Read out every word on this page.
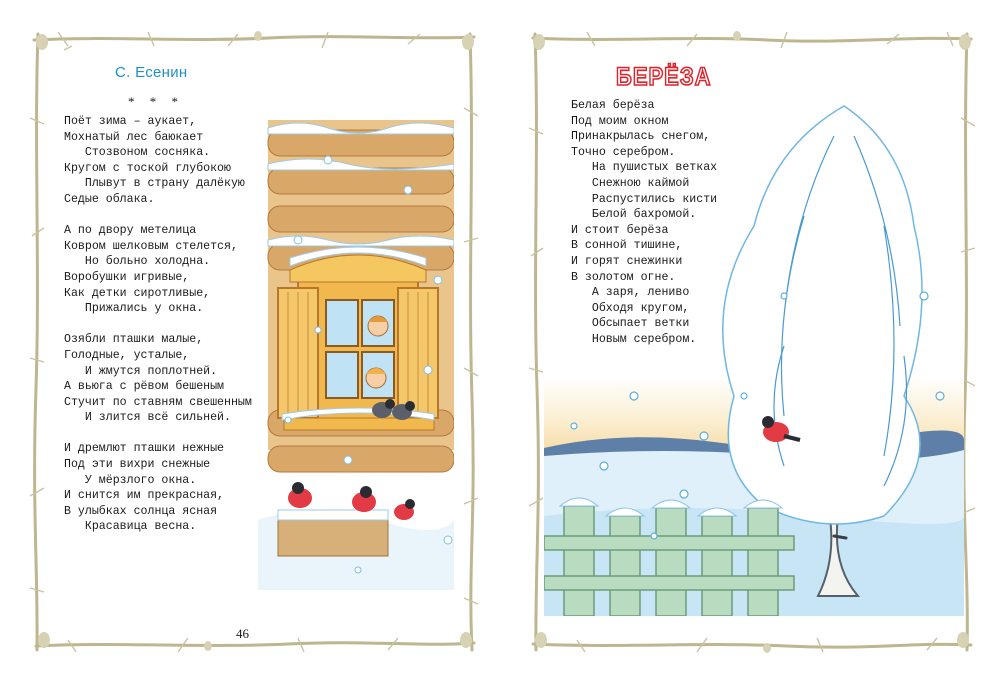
С. Есенин
* * *
Поёт зима – аукает,
Мохнатый лес баюкает
Стозвоном сосняка.
Кругом с тоской глубокою
Плывут в страну далёкую
Седые облака.
А по двору метелица
Ковром шелковым стелется,
Но больно холодна.
Воробушки игривые,
Как детки сиротливые,
Прижались у окна.
Озябли пташки малые,
Голодные, усталые,
И жмутся поплотней.
А вьюга с рёвом бешеным
Стучит по ставням свешенным
И злится всё сильней.
И дремлют пташки нежные
Под эти вихри снежные
У мёрзлого окна.
И снится им прекрасная,
В улыбках солнца ясная
Красавица весна.
46
БЕРЁЗА
Белая берёза
Под моим окном
Принакрылась снегом,
Точно серебром.
На пушистых ветках
Снежною каймой
Распустились кисти
Белой бахромой.
И стоит берёза
В сонной тишине,
И горят снежинки
В золотом огне.
А заря, лениво
Обходя кругом,
Обсыпает ветки
Новым серебром.
